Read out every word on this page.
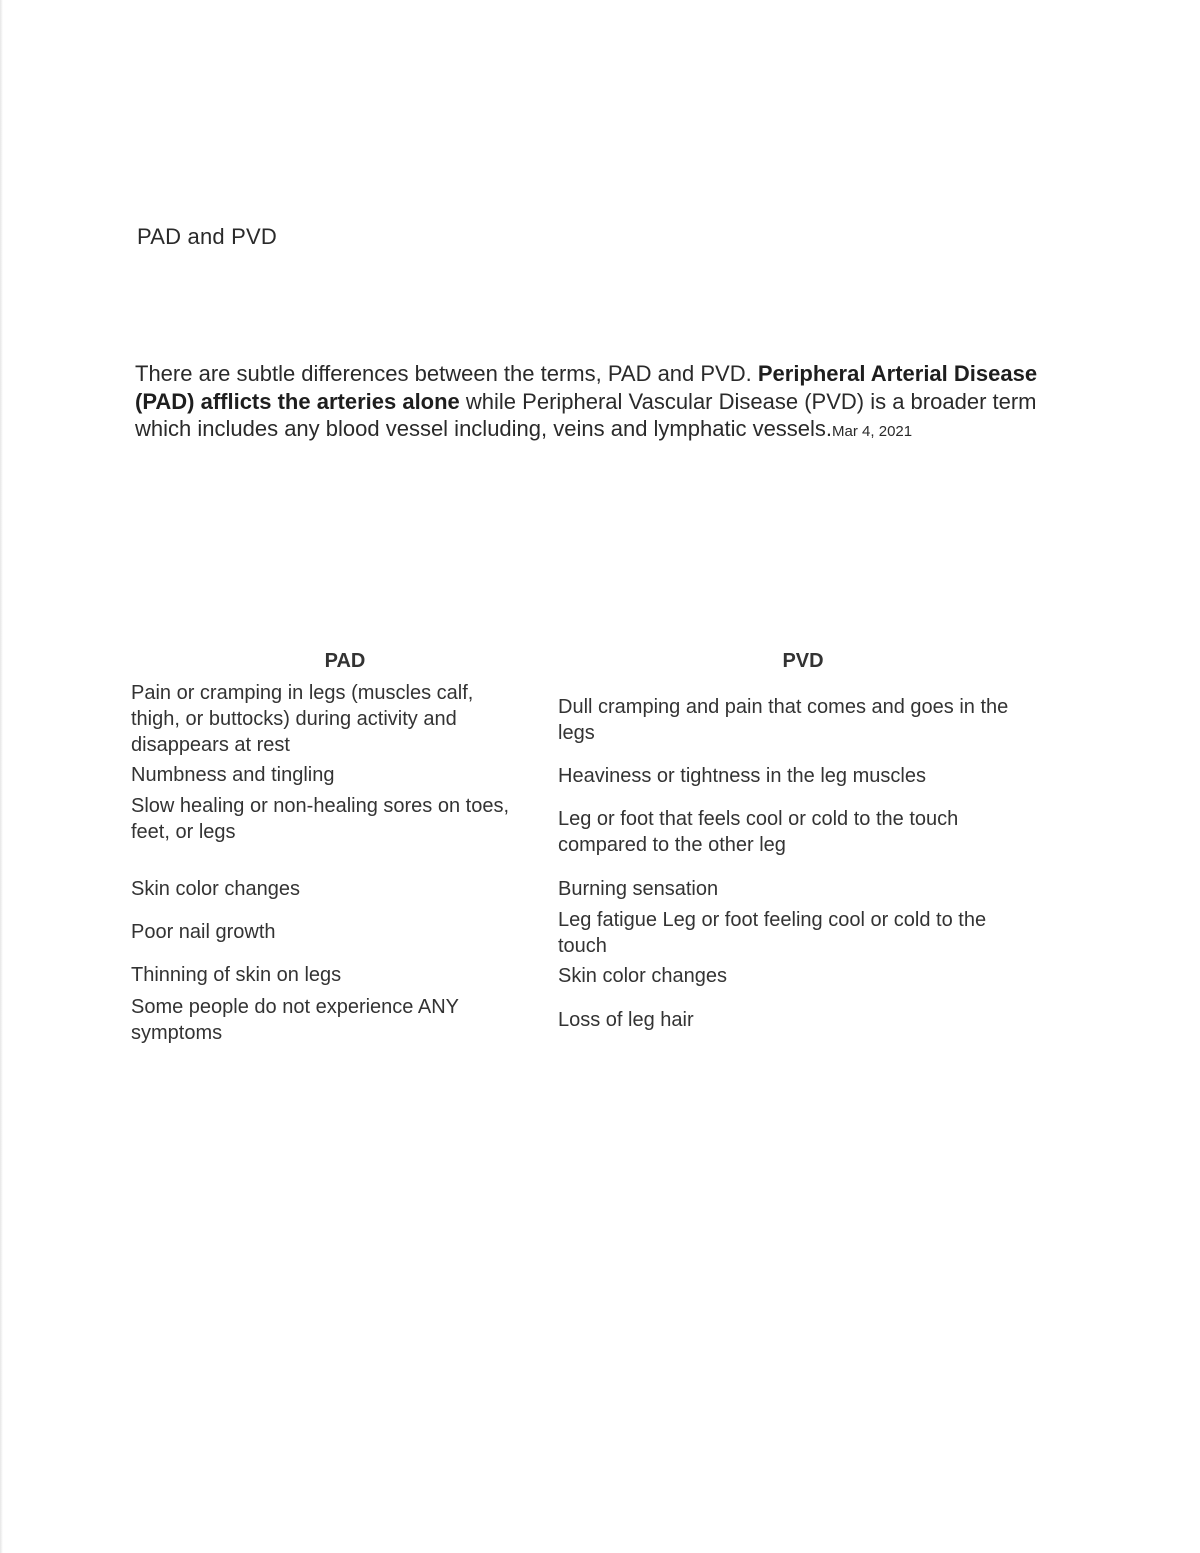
PAD and PVD
There are subtle differences between the terms, PAD and PVD. Peripheral Arterial Disease (PAD) afflicts the arteries alone while Peripheral Vascular Disease (PVD) is a broader term which includes any blood vessel including, veins and lymphatic vessels.Mar 4, 2021
PAD	PVD
Pain or cramping in legs (muscles calf, thigh, or buttocks) during activity and disappears at rest
Numbness and tingling
Slow healing or non-healing sores on toes,
feet, or legs
Skin color changes
Poor nail growth
Thinning of skin on legs
Some people do not experience ANY symptoms
Dull cramping and pain that comes and goes in the legs
Heaviness or tightness in the leg muscles
Leg or foot that feels cool or cold to the touch compared to the other leg
Burning sensation
Leg fatigue Leg or foot feeling cool or cold to the touch
Skin color changes
Loss of leg hair
